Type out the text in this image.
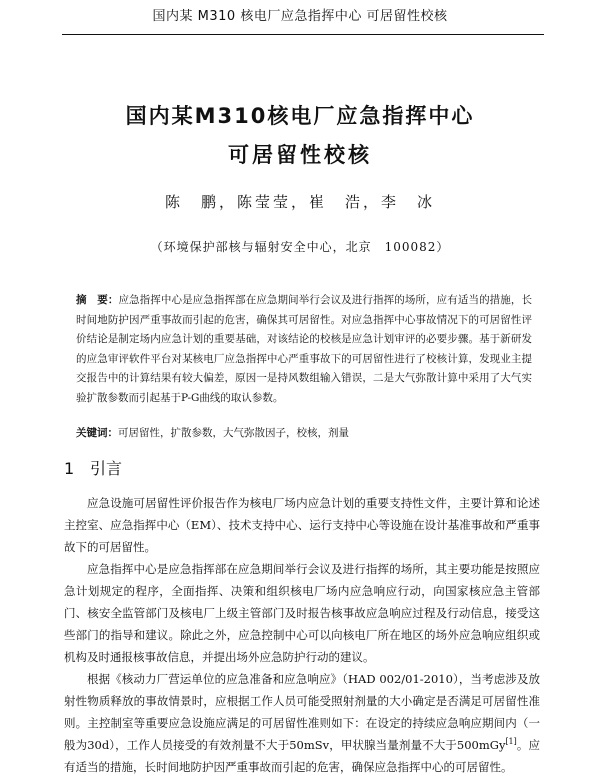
国内某 M310 核电厂应急指挥中心 可居留性校核
国内某M310核电厂应急指挥中心
可居留性校核
陈　鹏，陈莹莹，崔　浩，李　冰
（环境保护部核与辐射安全中心，北京　100082）
摘　要：应急指挥中心是应急指挥部在应急期间举行会议及进行指挥的场所，应有适当的措施，长时间地防护因严重事故而引起的危害，确保其可居留性。对应急指挥中心事故情况下的可居留性评价结论是制定场内应急计划的重要基础，对该结论的校核是应急计划审评的必要步骤。基于新研发的应急审评软件平台对某核电厂应急指挥中心严重事故下的可居留性进行了校核计算，发现业主提交报告中的计算结果有较大偏差，原因一是持风数组输入错误，二是大气弥散计算中采用了大气实验扩散参数而引起基于P-G曲线的取认参数。
关键词：可居留性，扩散参数，大气弥散因子，校核，剂量
1 引言

应急设施可居留性评价报告作为核电厂场内应急计划的重要支持性文件，主要计算和论述主控室、应急指挥中心（EM）、技术支持中心、运行支持中心等设施在设计基准事故和严重事故下的可居留性。

应急指挥中心是应急指挥部在应急期间举行会议及进行指挥的场所，其主要功能是按照应急计划规定的程序，全面指挥、决策和组织核电厂场内应急响应行动，向国家核应急主管部门、核安全监管部门及核电厂上级主管部门及时报告核事故应急响应过程及行动信息，接受这些部门的指导和建议。除此之外，应急控制中心可以向核电厂所在地区的场外应急响应组织或机构及时通报核事故信息，并提出场外应急防护行动的建议。

根据《核动力厂营运单位的应急准备和应急响应》（HAD 002/01-2010），当考虑涉及放射性物质释放的事故情景时，应根据工作人员可能受照射剂量的大小确定是否满足可居留性准则。主控制室等重要应急设施应满足的可居留性准则如下：在设定的持续应急响应期间内（一般为30d），工作人员接受的有效剂量不大于50mSv，甲状腺当量剂量不大于500mGy[1]。应有适当的措施，长时间地防护因严重事故而引起的危害，确保应急指挥中心的可居留性。
